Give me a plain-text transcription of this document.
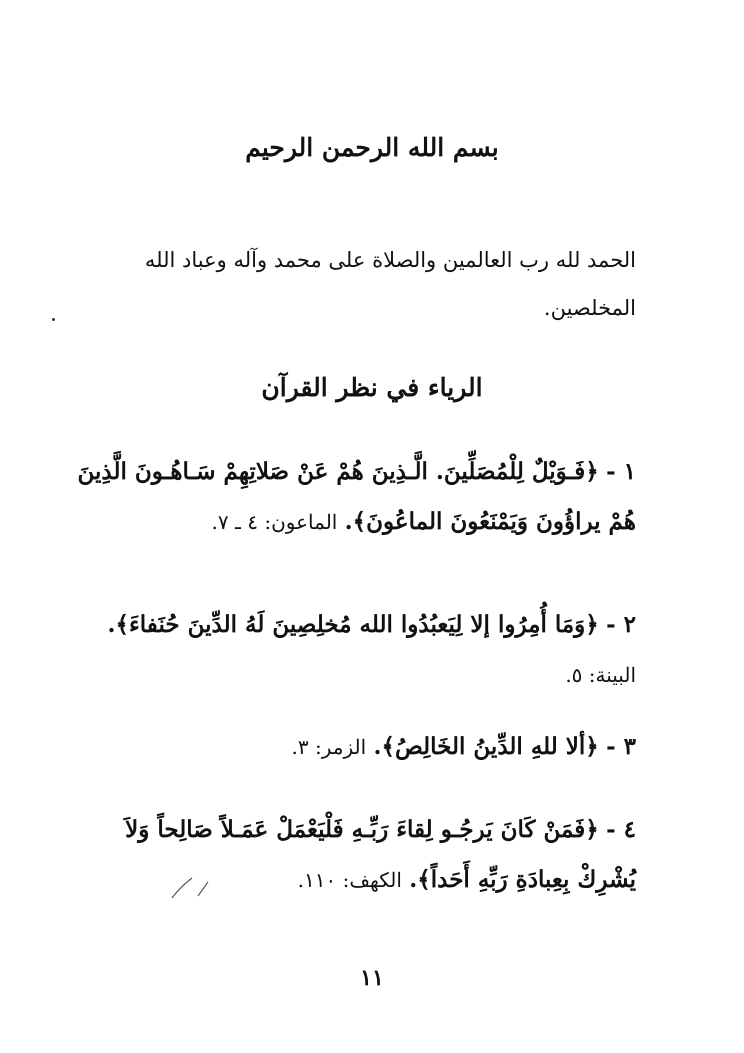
بسم الله الرحمن الرحيم
الحمد لله رب العالمين والصلاة على محمد وآله وعباد الله المخلصين.
الرياء في نظر القرآن
١ - ﴿فَـوَيْلٌ لِلْمُصَلِّينَ. الَّـذِينَ هُمْ عَنْ صَلاتِهِمْ سَـاهُـونَ الَّذِينَ هُمْ يراؤُونَ وَيَمْنَعُونَ الماعُونَ﴾. الماعون: ٤ ـ ٧.
٢ - ﴿وَمَا أُمِرُوا إلا لِيَعبُدُوا الله مُخلِصِينَ لَهُ الدِّينَ حُنَفاءَ﴾.
البينة: ٥.
٣ - ﴿ألا للهِ الدِّينُ الخَالِصُ﴾. الزمر: ٣.
٤ - ﴿فَمَنْ كَانَ يَرجُـو لِقاءَ رَبِّـهِ فَلْيَعْمَلْ عَمَـلاً صَالِحاً وَلاَ يُشْرِكْ بِعِبادَةِ رَبِّهِ أَحَداً﴾. الكهف: ١١٠.
١١
